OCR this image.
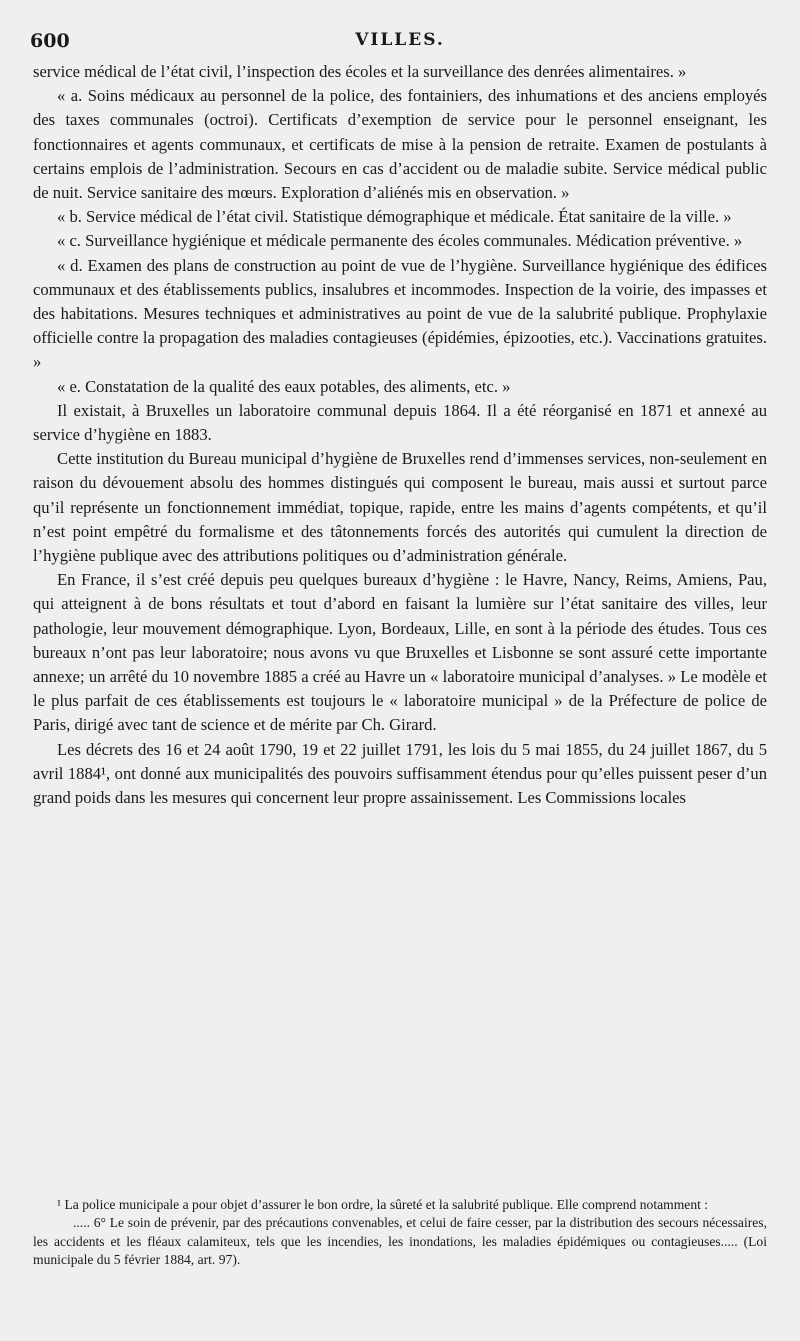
600	VILLES.

service médical de l’état civil, l’inspection des écoles et la surveillance des denrées alimentaires. »

« a. Soins médicaux au personnel de la police, des fontainiers, des inhumations et des anciens employés des taxes communales (octroi). Certificats d’exemption de service pour le personnel enseignant, les fonctionnaires et agents communaux, et certificats de mise à la pension de retraite. Examen de postulants à certains emplois de l’administration. Secours en cas d’accident ou de maladie subite. Service médical public de nuit. Service sanitaire des mœurs. Exploration d’aliénés mis en observation. »

« b. Service médical de l’état civil. Statistique démographique et médicale. État sanitaire de la ville. »

« c. Surveillance hygiénique et médicale permanente des écoles communales. Médication préventive. »

« d. Examen des plans de construction au point de vue de l’hygiène. Surveillance hygiénique des édifices communaux et des établissements publics, insalubres et incommodes. Inspection de la voirie, des impasses et des habitations. Mesures techniques et administratives au point de vue de la salubrité publique. Prophylaxie officielle contre la propagation des maladies contagieuses (épidémies, épizooties, etc.). Vaccinations gratuites. »

« e. Constatation de la qualité des eaux potables, des aliments, etc. »

Il existait, à Bruxelles un laboratoire communal depuis 1864. Il a été réorganisé en 1871 et annexé au service d’hygiène en 1883.

Cette institution du Bureau municipal d’hygiène de Bruxelles rend d’immenses services, non-seulement en raison du dévouement absolu des hommes distingués qui composent le bureau, mais aussi et surtout parce qu’il représente un fonctionnement immédiat, topique, rapide, entre les mains d’agents compétents, et qu’il n’est point empêtré du formalisme et des tâtonnements forcés des autorités qui cumulent la direction de l’hygiène publique avec des attributions politiques ou d’administration générale.

En France, il s’est créé depuis peu quelques bureaux d’hygiène : le Havre, Nancy, Reims, Amiens, Pau, qui atteignent à de bons résultats et tout d’abord en faisant la lumière sur l’état sanitaire des villes, leur pathologie, leur mouvement démographique. Lyon, Bordeaux, Lille, en sont à la période des études. Tous ces bureaux n’ont pas leur laboratoire; nous avons vu que Bruxelles et Lisbonne se sont assuré cette importante annexe; un arrêté du 10 novembre 1885 a créé au Havre un « laboratoire municipal d’analyses. » Le modèle et le plus parfait de ces établissements est toujours le « laboratoire municipal » de la Préfecture de police de Paris, dirigé avec tant de science et de mérite par Ch. Girard.

Les décrets des 16 et 24 août 1790, 19 et 22 juillet 1791, les lois du 5 mai 1855, du 24 juillet 1867, du 5 avril 1884¹, ont donné aux municipalités des pouvoirs suffisamment étendus pour qu’elles puissent peser d’un grand poids dans les mesures qui concernent leur propre assainissement. Les Commissions locales

¹ La police municipale a pour objet d’assurer le bon ordre, la sûreté et la salubrité publique. Elle comprend notamment :

..... 6° Le soin de prévenir, par des précautions convenables, et celui de faire cesser, par la distribution des secours nécessaires, les accidents et les fléaux calamiteux, tels que les incendies, les inondations, les maladies épidémiques ou contagieuses..... (Loi municipale du 5 février 1884, art. 97).
